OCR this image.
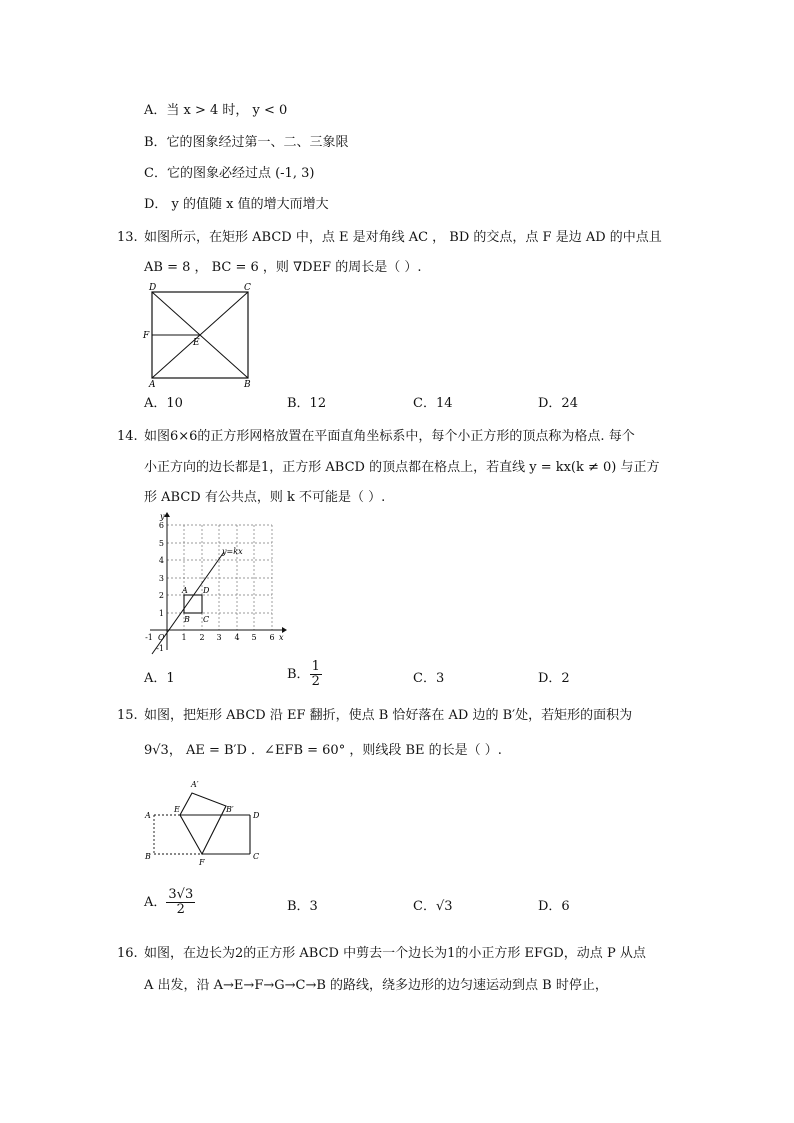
A．当 x > 4 时， y < 0
B．它的图象经过第一、二、三象限
C．它的图象必经过点 (-1, 3)
D． y 的值随 x 值的增大而增大
13. 如图所示，在矩形 ABCD 中，点 E 是对角线 AC ， BD 的交点，点 F 是边 AD 的中点且
AB = 8 ， BC = 6 ，则 ∇DEF 的周长是（ ）.
D	C
F
E
A	B
A．10	B．12	C．14	D．24
14. 如图6×6的正方形网格放置在平面直角坐标系中，每个小正方形的顶点称为格点. 每个
小正方向的边长都是1，正方形 ABCD 的顶点都在格点上，若直线 y = kx(k ≠ 0) 与正方
形 ABCD 有公共点，则 k 不可能是（ ）.
y
x
O
y=kx
6
5
4
3
2
1
-1
-1	1 2 3 4 5 6
A D
B C
A．1	B． $\frac{1}{2}$	C．3	D．2
15. 如图，把矩形 ABCD 沿 EF 翻折，使点 B 恰好落在 AD 边的 B′处，若矩形的面积为
9√3， AE = B′D ．∠EFB = 60° ，则线段 BE 的长是（ ）.
A′
E	B′
A	D
B
F
C
A． $\frac{3√3}{2}$	B．3	C．√3	D．6
16. 如图，在边长为2的正方形 ABCD 中剪去一个边长为1的小正方形 EFGD，动点 P 从点
A 出发，沿 A→E→F→G→C→B 的路线，绕多边形的边匀速运动到点 B 时停止，
